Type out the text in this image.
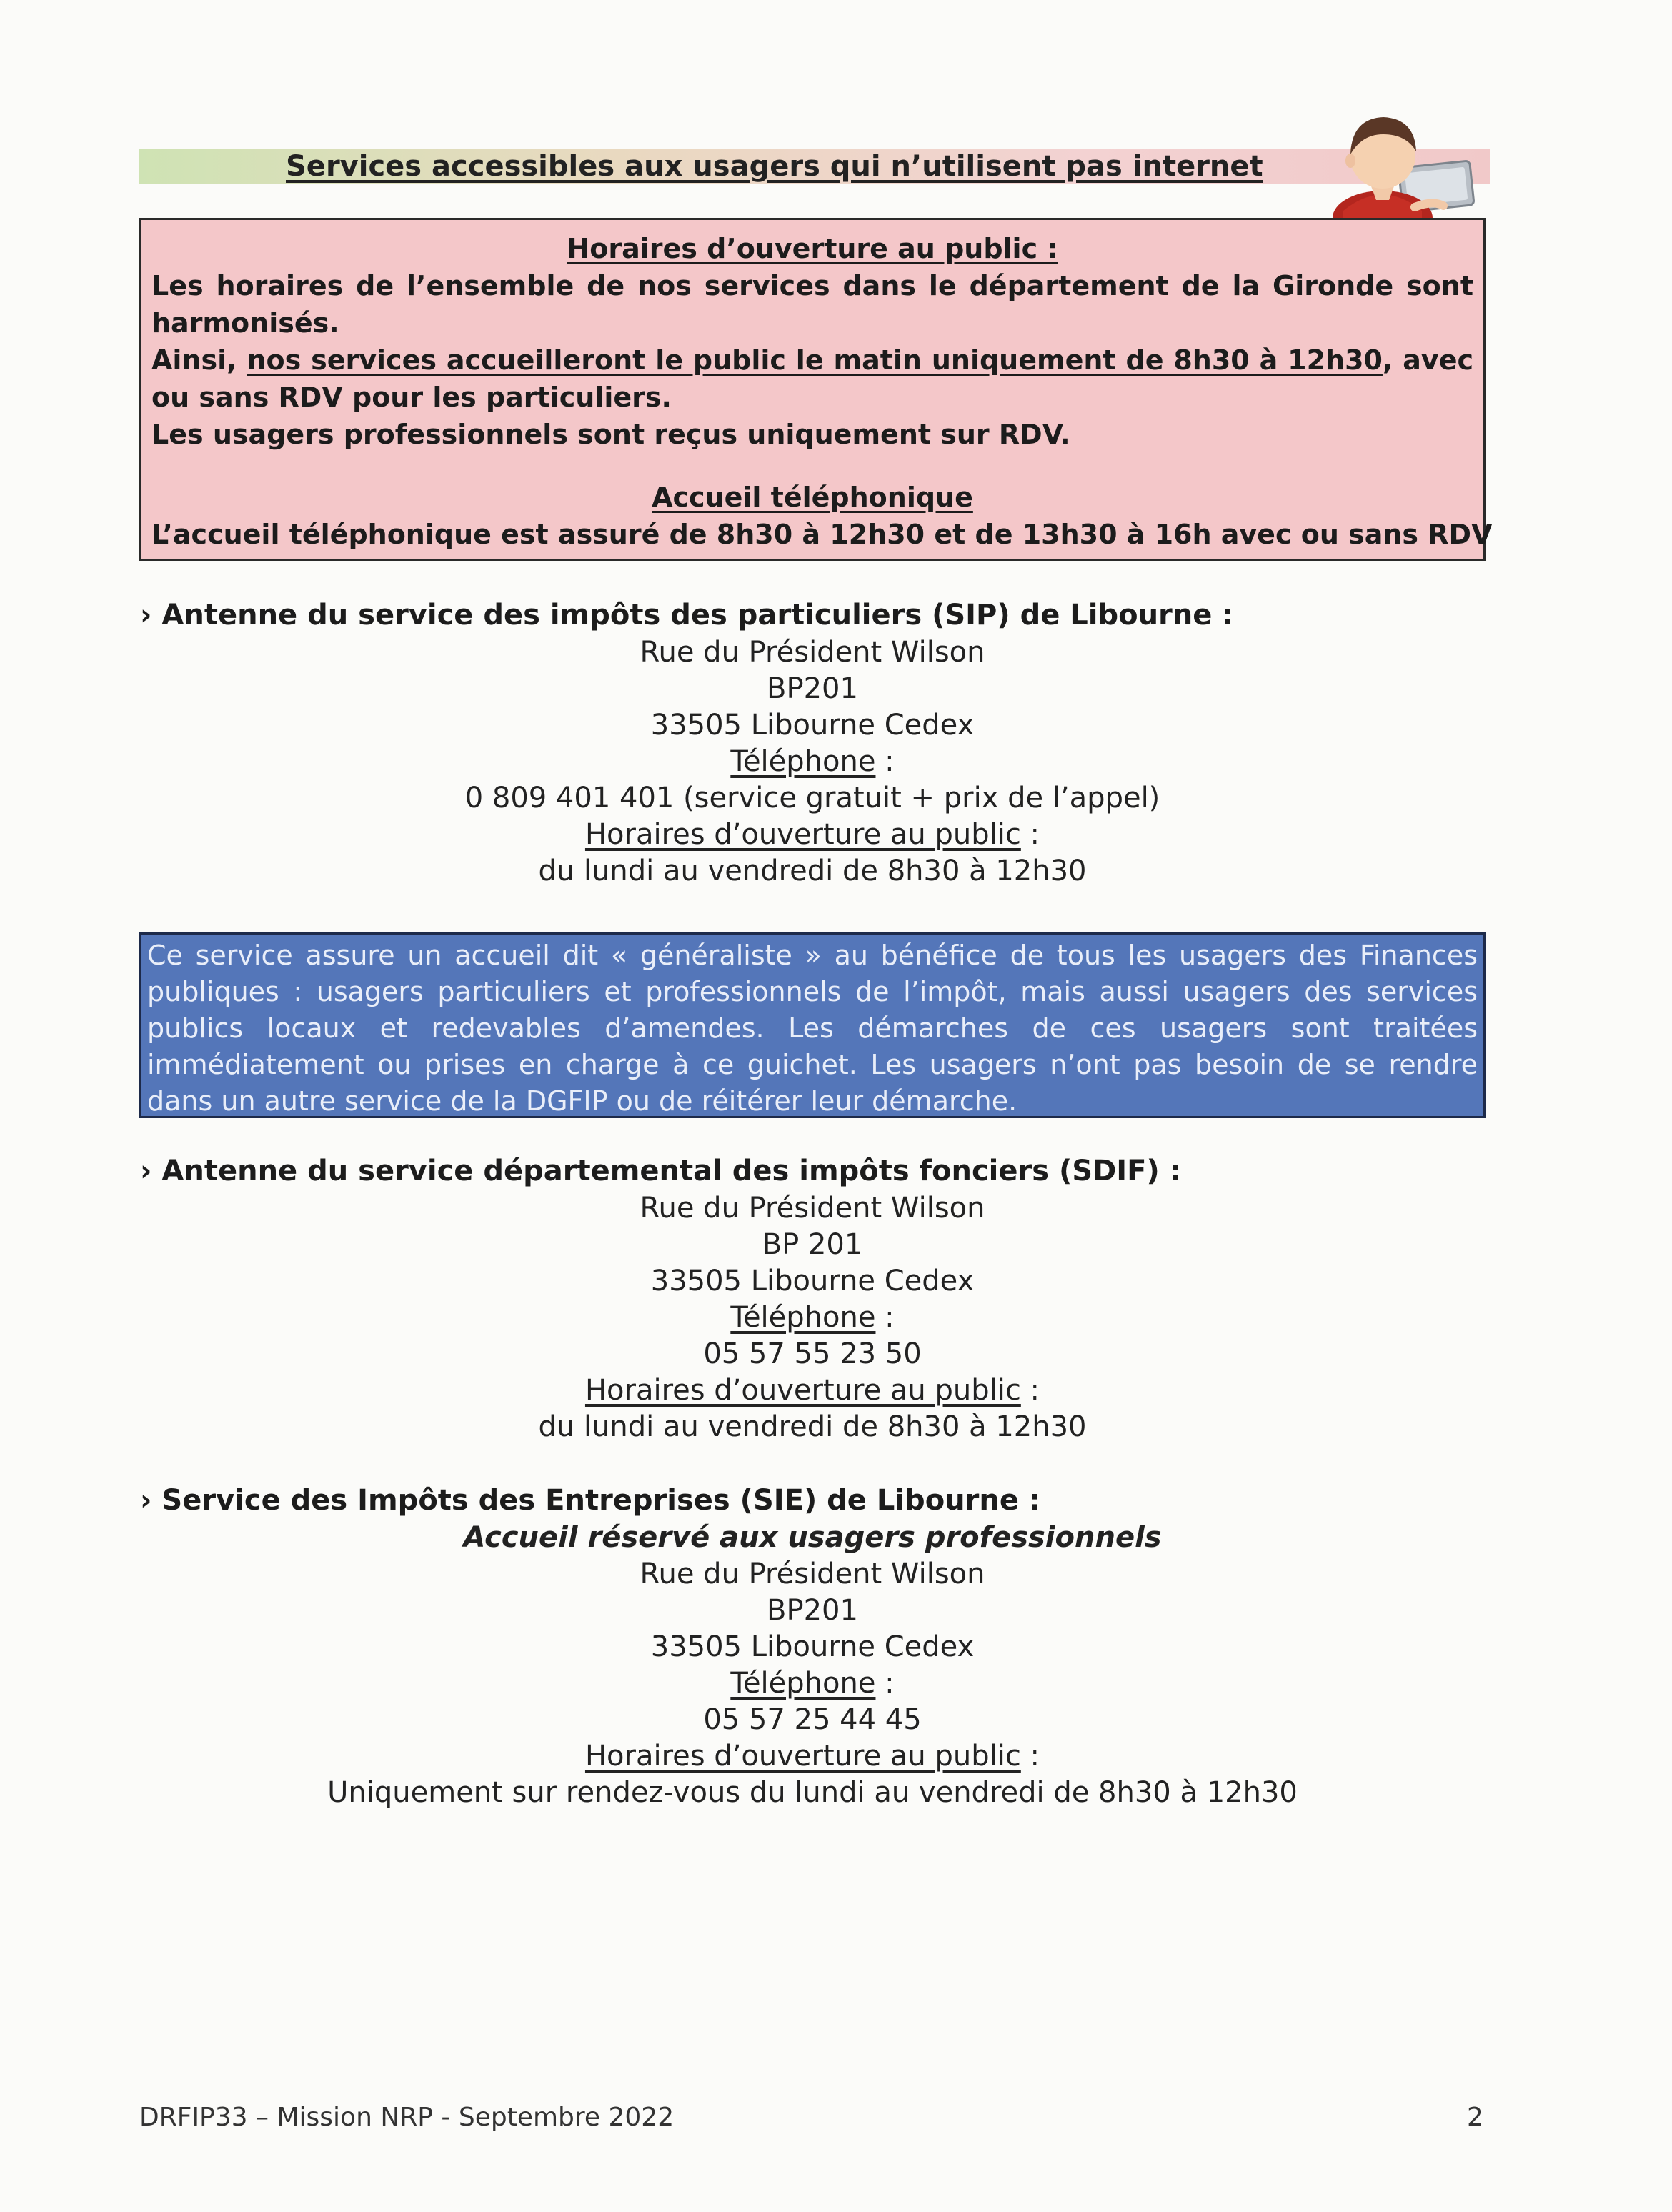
Services accessibles aux usagers qui n’utilisent pas internet
Horaires d’ouverture au public :
Les horaires de l’ensemble de nos services dans le département de la Gironde sont harmonisés.
Ainsi, nos services accueilleront le public le matin uniquement de 8h30 à 12h30, avec ou sans RDV pour les particuliers.
Les usagers professionnels sont reçus uniquement sur RDV.
Accueil téléphonique
L’accueil téléphonique est assuré de 8h30 à 12h30 et de 13h30 à 16h avec ou sans RDV
› Antenne du service des impôts des particuliers (SIP) de Libourne :
Rue du Président Wilson
BP201
33505 Libourne Cedex
Téléphone :
0 809 401 401 (service gratuit + prix de l’appel)
Horaires d’ouverture au public :
du lundi au vendredi de 8h30 à 12h30
Ce service assure un accueil dit « généraliste » au bénéfice de tous les usagers des Finances publiques : usagers particuliers et professionnels de l’impôt, mais aussi usagers des services publics locaux et redevables d’amendes. Les démarches de ces usagers sont traitées immédiatement ou prises en charge à ce guichet. Les usagers n’ont pas besoin de se rendre dans un autre service de la DGFIP ou de réitérer leur démarche.
› Antenne du service départemental des impôts fonciers (SDIF) :
Rue du Président Wilson
BP 201
33505 Libourne Cedex
Téléphone :
05 57 55 23 50
Horaires d’ouverture au public :
du lundi au vendredi de 8h30 à 12h30
› Service des Impôts des Entreprises (SIE) de Libourne :
Accueil réservé aux usagers professionnels
Rue du Président Wilson
BP201
33505 Libourne Cedex
Téléphone :
05 57 25 44 45
Horaires d’ouverture au public :
Uniquement sur rendez-vous du lundi au vendredi de 8h30 à 12h30
DRFIP33 – Mission NRP - Septembre 2022	2
